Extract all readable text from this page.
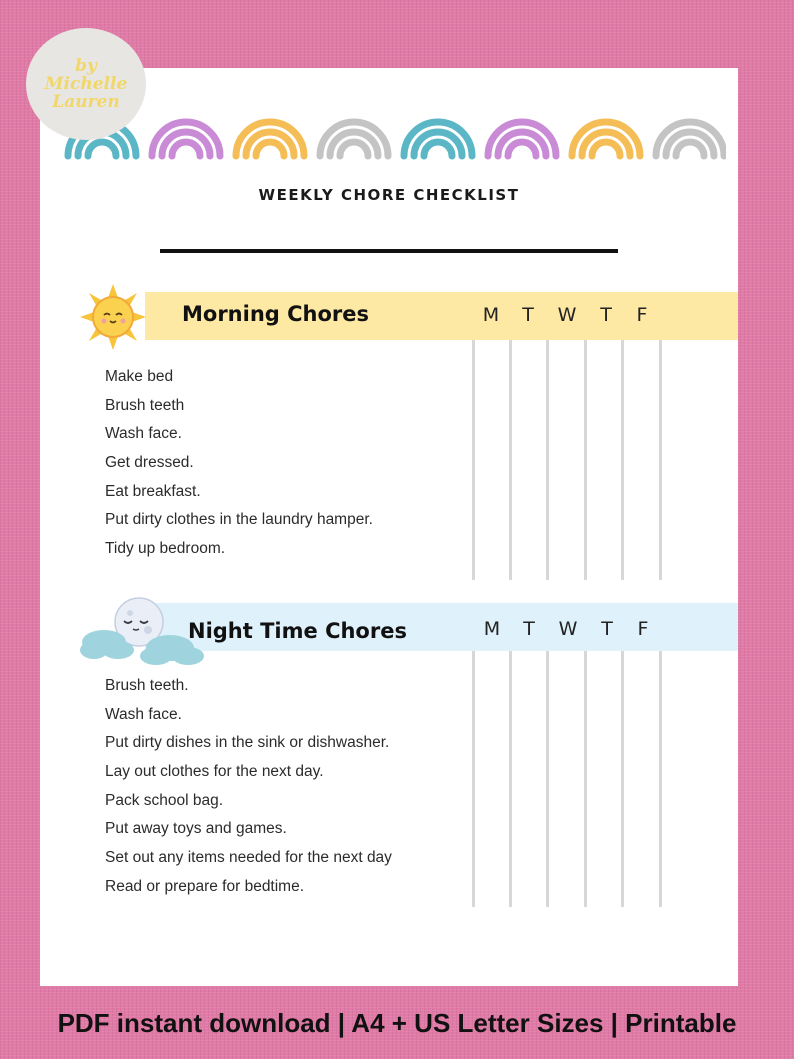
by
Michelle
Lauren
WEEKLY CHORE CHECKLIST
Morning Chores	M	T	W	T	F
Make bed
Brush teeth
Wash face.
Get dressed.
Eat breakfast.
Put dirty clothes in the laundry hamper.
Tidy up bedroom.
Night Time Chores	M	T	W	T	F
Brush teeth.
Wash face.
Put dirty dishes in the sink or dishwasher.
Lay out clothes for the next day.
Pack school bag.
Put away toys and games.
Set out any items needed for the next day
Read or prepare for bedtime.
PDF instant download | A4 + US Letter Sizes | Printable
